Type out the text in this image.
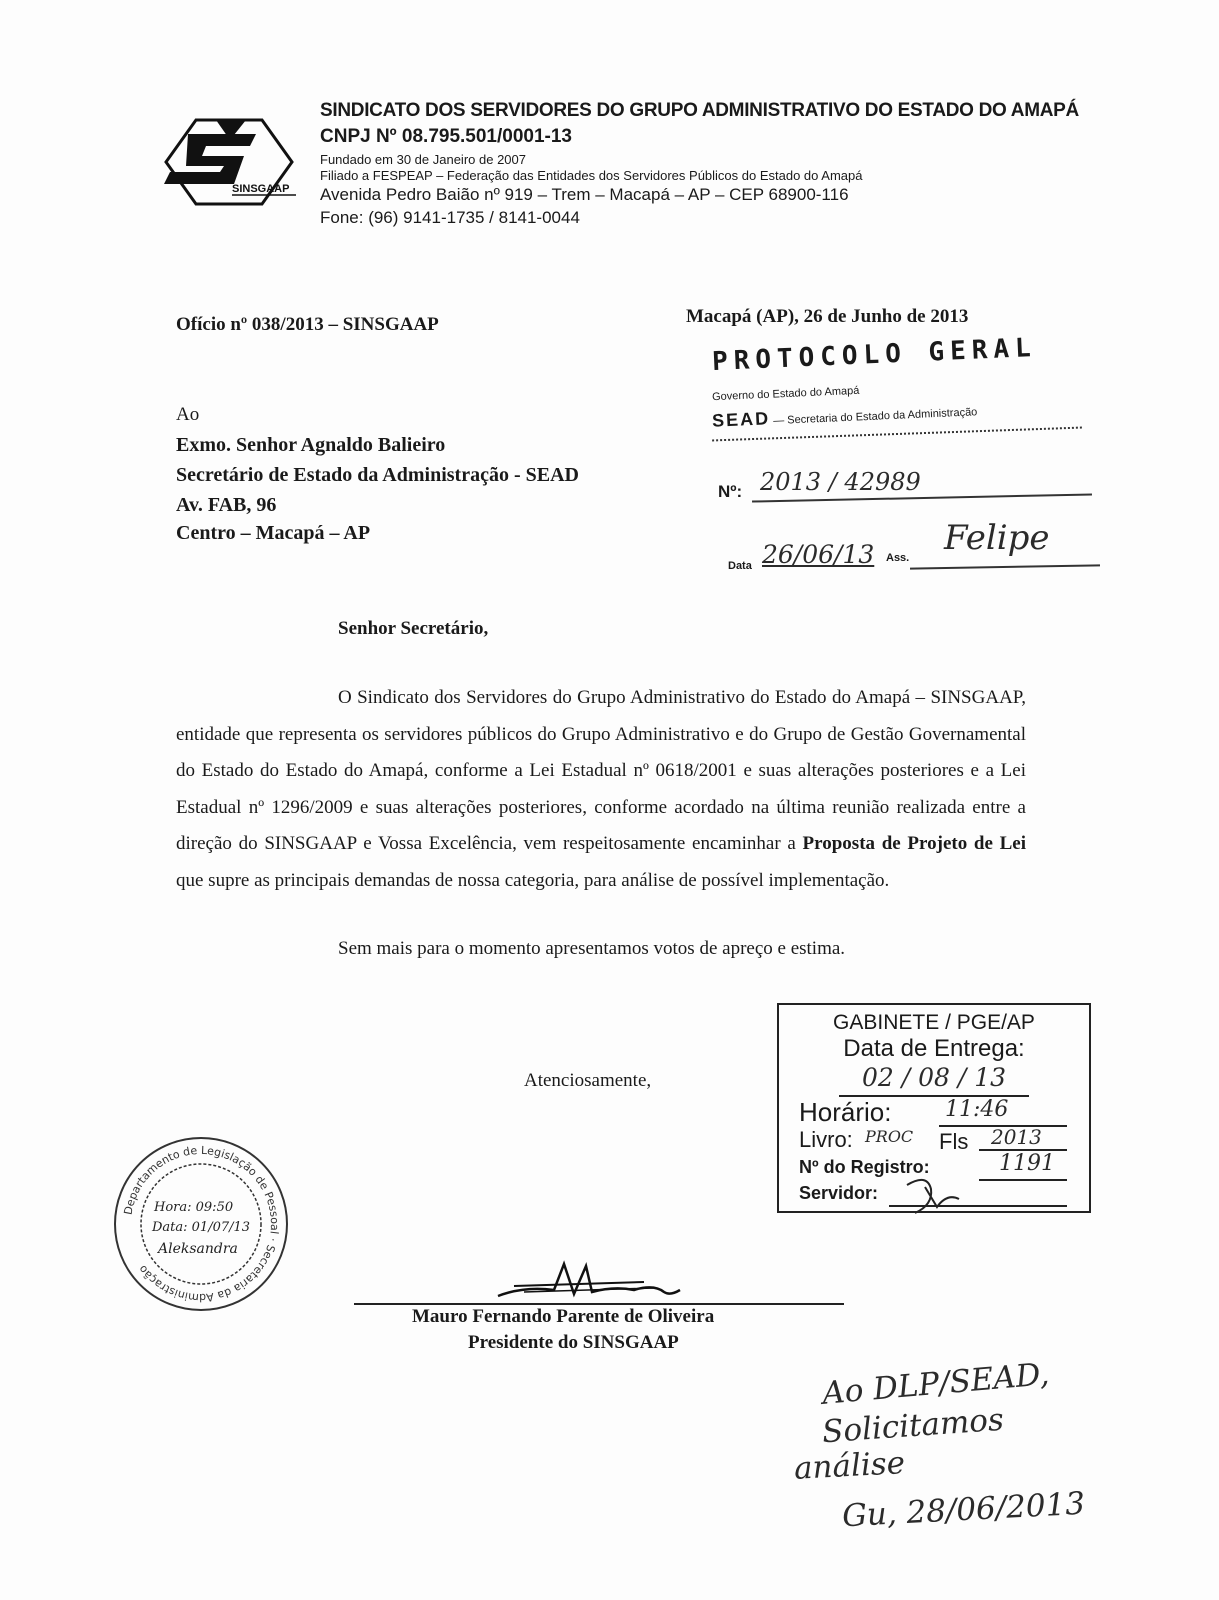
SINSGAAP
SINDICATO DOS SERVIDORES DO GRUPO ADMINISTRATIVO DO ESTADO DO AMAPÁ
CNPJ Nº 08.795.501/0001-13
Fundado em 30 de Janeiro de 2007
Filiado a FESPEAP – Federação das Entidades dos Servidores Públicos do Estado do Amapá
Avenida Pedro Baião nº 919 – Trem – Macapá – AP – CEP 68900-116
Fone: (96) 9141-1735 / 8141-0044
Ofício nº 038/2013 – SINSGAAP	Macapá (AP), 26 de Junho de 2013
PROTOCOLO GERAL
Governo do Estado do Amapá
SEAD — Secretaria do Estado da Administração
Nº: 2013 / 42989
Data 26/06/13 Ass. Felipe
Ao
Exmo. Senhor Agnaldo Balieiro
Secretário de Estado da Administração - SEAD
Av. FAB, 96
Centro – Macapá – AP
Senhor Secretário,
O Sindicato dos Servidores do Grupo Administrativo do Estado do Amapá – SINSGAAP, entidade que representa os servidores públicos do Grupo Administrativo e do Grupo de Gestão Governamental do Estado do Estado do Amapá, conforme a Lei Estadual nº 0618/2001 e suas alterações posteriores e a Lei Estadual nº 1296/2009 e suas alterações posteriores, conforme acordado na última reunião realizada entre a direção do SINSGAAP e Vossa Excelência, vem respeitosamente encaminhar a Proposta de Projeto de Lei que supre as principais demandas de nossa categoria, para análise de possível implementação.
Sem mais para o momento apresentamos votos de apreço e estima.
Atenciosamente,
GABINETE / PGE/AP
Data de Entrega:
02 / 08 / 13
Horário: 11:46
Livro: PROC Fls 2013
Nº do Registro:	1191
Servidor:
Departamento de Legislação de Pessoal · Secretaria da Administração
Hora: 09:50
Data: 01/07/13
Aleksandra
Mauro Fernando Parente de Oliveira
Presidente do SINSGAAP
Ao DLP/SEAD,
Solicitamos
análise
Gu, 28/06/2013
